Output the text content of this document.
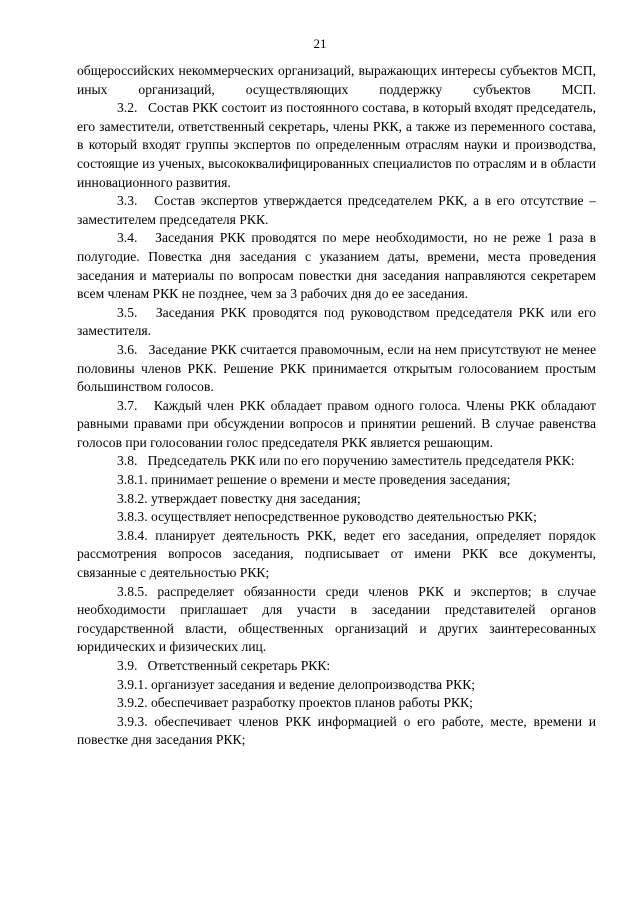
21

общероссийских некоммерческих организаций, выражающих интересы субъектов МСП, иных организаций, осуществляющих поддержку субъектов МСП.

3.2. Состав РКК состоит из постоянного состава, в который входят председатель, его заместители, ответственный секретарь, члены РКК, а также из переменного состава, в который входят группы экспертов по определенным отраслям науки и производства, состоящие из ученых, высококвалифицированных специалистов по отраслям и в области инновационного развития.

3.3. Состав экспертов утверждается председателем РКК, а в его отсутствие – заместителем председателя РКК.

3.4. Заседания РКК проводятся по мере необходимости, но не реже 1 раза в полугодие. Повестка дня заседания с указанием даты, времени, места проведения заседания и материалы по вопросам повестки дня заседания направляются секретарем всем членам РКК не позднее, чем за 3 рабочих дня до ее заседания.

3.5. Заседания РКК проводятся под руководством председателя РКК или его заместителя.

3.6. Заседание РКК считается правомочным, если на нем присутствуют не менее половины членов РКК. Решение РКК принимается открытым голосованием простым большинством голосов.

3.7. Каждый член РКК обладает правом одного голоса. Члены РКК обладают равными правами при обсуждении вопросов и принятии решений. В случае равенства голосов при голосовании голос председателя РКК является решающим.

3.8. Председатель РКК или по его поручению заместитель председателя РКК:

3.8.1. принимает решение о времени и месте проведения заседания;

3.8.2. утверждает повестку дня заседания;

3.8.3. осуществляет непосредственное руководство деятельностью РКК;

3.8.4. планирует деятельность РКК, ведет его заседания, определяет порядок рассмотрения вопросов заседания, подписывает от имени РКК все документы, связанные с деятельностью РКК;

3.8.5. распределяет обязанности среди членов РКК и экспертов; в случае необходимости приглашает для участи в заседании представителей органов государственной власти, общественных организаций и других заинтересованных юридических и физических лиц.

3.9. Ответственный секретарь РКК:

3.9.1. организует заседания и ведение делопроизводства РКК;

3.9.2. обеспечивает разработку проектов планов работы РКК;

3.9.3. обеспечивает членов РКК информацией о его работе, месте, времени и повестке дня заседания РКК;
